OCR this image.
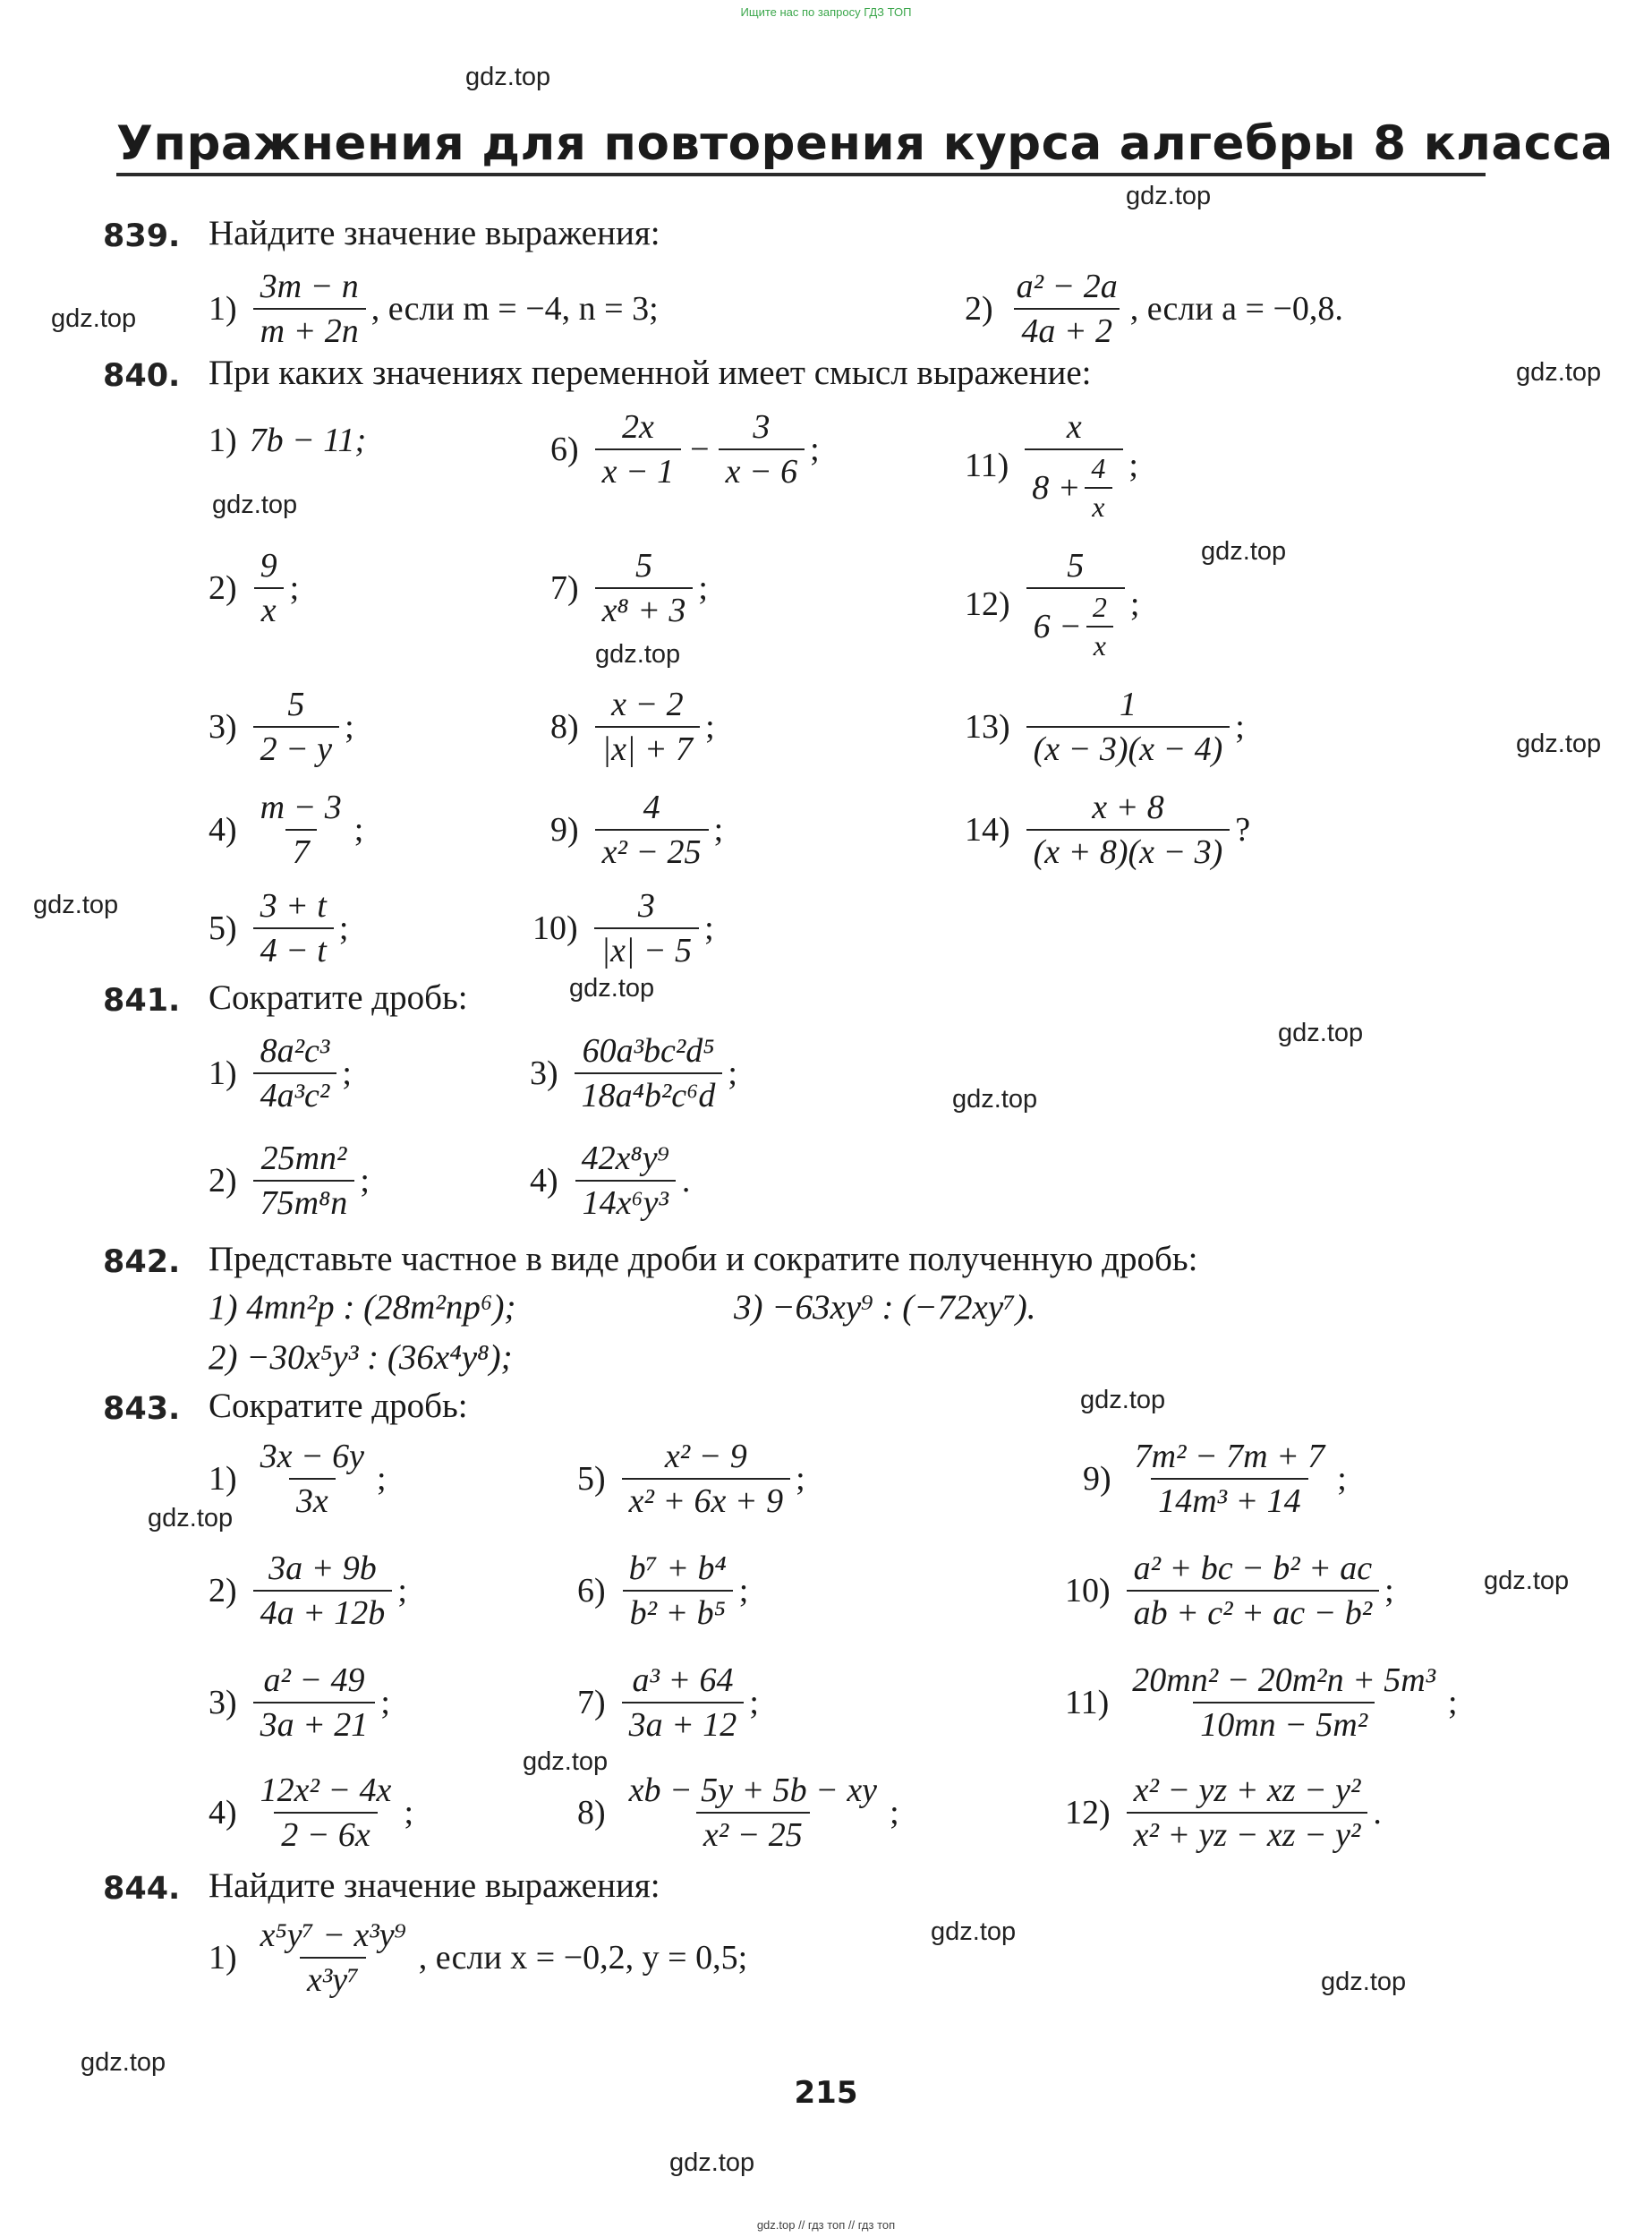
Ищите нас по запросу ГДЗ ТОП
Упражнения для повторения курса алгебры 8 класса
gdz.top
gdz.top
gdz.top
gdz.top
gdz.top
gdz.top
gdz.top
gdz.top
gdz.top
gdz.top
gdz.top
gdz.top
gdz.top
gdz.top
gdz.top
gdz.top
gdz.top
gdz.top
gdz.top
gdz.top
839. Найдите значение выражения:
$1) \frac{3m - n}{m + 2n}$ , если m = −4, n = 3;	$2) \frac{\text{a² − 2a}}{4a + 2}$ , если a = −0,8.
840. При каких значениях переменной имеет смысл выражение:
1) 7b − 11;
$2) \frac{9}{x}$ ;
$3) \frac{5}{2 - y}$ ;
$4) \frac{m - 3}{7}$ ;
$5) \frac{3 + t}{4 - t}$ ;
$6) \frac{2x}{x - 1} - \frac{3}{x - 6}$ ;
$7) \frac{5}{\text{x⁸ + 3}}$ ;
$8) \frac{x - 2}{|x| + 7}$ ;
$9) \frac{4}{\text{x² − 25}}$ ;
$10) \frac{3}{|x| - 5}$ ;
$11) \frac{x}{8 + \frac{4}{x}}$ ;
$12) \frac{5}{6 - \frac{2}{x}}$ ;
$13) \frac{1}{(x - 3)(x - 4)}$ ;
$14) \frac{x + 8}{(x + 8)(x - 3)}$ ?
841. Сократите дробь:
$1) \frac{\text{8a²c³}}{\text{4a³c²}}$ ;
$2) \frac{\text{25mn²}}{\text{75m⁸n}}$ ;
$3) \frac{\text{60a³bc²d⁵}}{\text{18a⁴b²c⁶d}}$ ;
$4) \frac{\text{42x⁸y⁹}}{\text{14x⁶y³}}$ .
842. Представьте частное в виде дроби и сократите полученную дробь:
1) 4mn²p : (28m²np⁶);	3) −63xy⁹ : (−72xy⁷).
2) −30x⁵y³ : (36x⁴y⁸);
843. Сократите дробь:
$1) \frac{3x - 6y}{3x}$ ;
$2) \frac{3a + 9b}{4a + 12b}$ ;
$3) \frac{\text{a² − 49}}{3a + 21}$ ;
$4) \frac{\text{12x² − 4x}}{2 - 6x}$ ;
$5) \frac{\text{x² − 9}}{\text{x² + 6x + 9}}$ ;
$6) \frac{\text{b⁷ + b⁴}}{\text{b² + b⁵}}$ ;
$7) \frac{\text{a³ + 64}}{3a + 12}$ ;
$8) \frac{xb - 5y + 5b - xy}{\text{x² − 25}}$ ;
$9) \frac{\text{7m² − 7m + 7}}{\text{14m³ + 14}}$ ;
$10) \frac{\text{a² + bc − b² + ac}}{\text{ab + c² + ac − b²}}$ ;
$11) \frac{\text{20mn² − 20m²n + 5m³}}{\text{10mn − 5m²}}$ ;
$12) \frac{\text{x² − yz + xz − y²}}{\text{x² + yz − xz − y²}}$ .
844. Найдите значение выражения:
$1) \frac{\text{x⁵y⁷ − x³y⁹}}{\text{x³y⁷}}$ , если x = −0,2, y = 0,5;
215
gdz.top // гдз топ // гдз топ
